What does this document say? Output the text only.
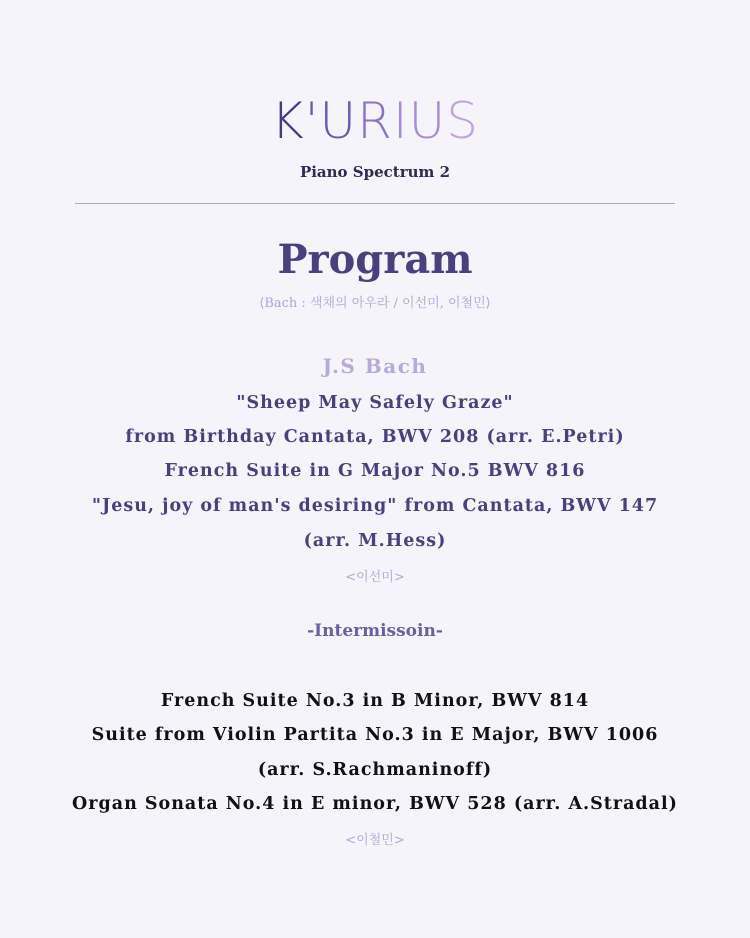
K'URIUS
Piano Spectrum 2
Program
⟨Bach : 색채의 아우라 / 이선미, 이철민⟩
J.S Bach
"Sheep May Safely Graze"
from Birthday Cantata, BWV 208 (arr. E.Petri)
French Suite in G Major No.5 BWV 816
"Jesu, joy of man's desiring" from Cantata, BWV 147
(arr. M.Hess)
<이선미>
-Intermissoin-
French Suite No.3 in B Minor, BWV 814
Suite from Violin Partita No.3 in E Major, BWV 1006
(arr. S.Rachmaninoff)
Organ Sonata No.4 in E minor, BWV 528 (arr. A.Stradal)
<이철민>
